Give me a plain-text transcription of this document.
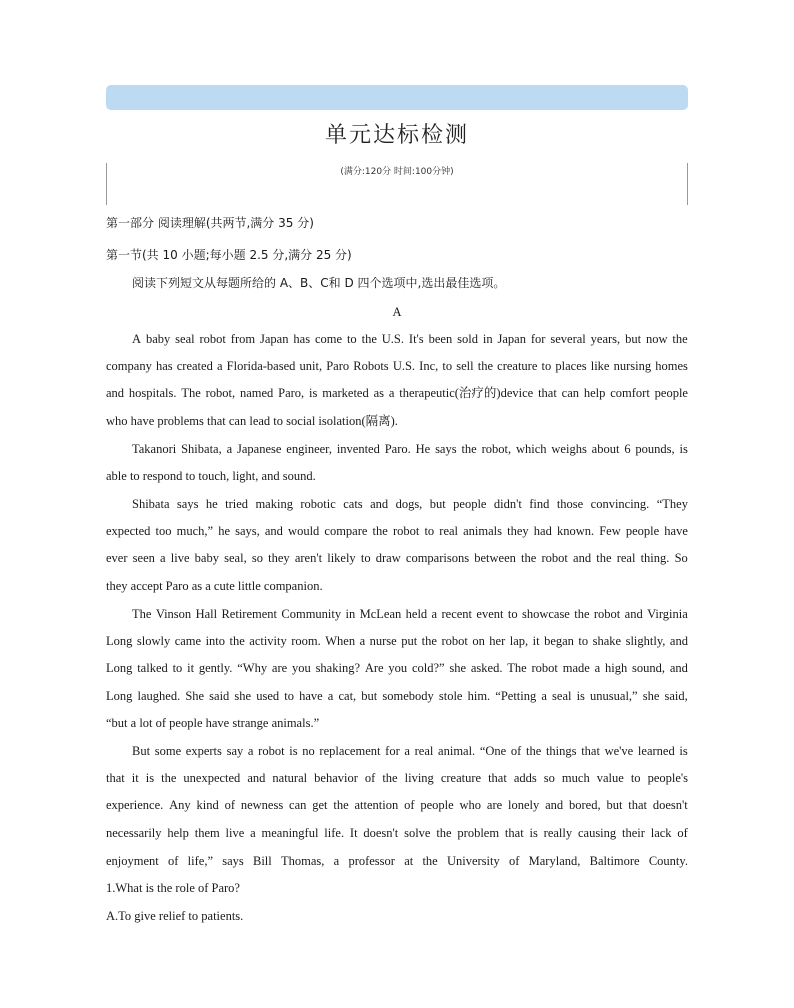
单元达标检测
(满分:120分 时间:100分钟)
第一部分 阅读理解(共两节,满分 35 分)
第一节(共 10 小题;每小题 2.5 分,满分 25 分)
阅读下列短文从每题所给的 A、B、C和 D 四个选项中,选出最佳选项。
A
A baby seal robot from Japan has come to the U.S. It's been sold in Japan for several years, but now the
company has created a Florida-based unit, Paro Robots U.S. Inc, to sell the creature to places like nursing homes
and hospitals. The robot, named Paro, is marketed as a therapeutic(治疗的)device that can help comfort people
who have problems that can lead to social isolation(隔离).
Takanori Shibata, a Japanese engineer, invented Paro. He says the robot, which weighs about 6 pounds, is
able to respond to touch, light, and sound.
Shibata says he tried making robotic cats and dogs, but people didn't find those convincing. “They
expected too much,” he says, and would compare the robot to real animals they had known. Few people have
ever seen a live baby seal, so they aren't likely to draw comparisons between the robot and the real thing. So
they accept Paro as a cute little companion.
The Vinson Hall Retirement Community in McLean held a recent event to showcase the robot and Virginia
Long slowly came into the activity room. When a nurse put the robot on her lap, it began to shake slightly, and
Long talked to it gently. “Why are you shaking? Are you cold?” she asked. The robot made a high sound, and
Long laughed. She said she used to have a cat, but somebody stole him. “Petting a seal is unusual,” she said,
“but a lot of people have strange animals.”
But some experts say a robot is no replacement for a real animal. “One of the things that we've learned is
that it is the unexpected and natural behavior of the living creature that adds so much value to people's
experience. Any kind of newness can get the attention of people who are lonely and bored, but that doesn't
necessarily help them live a meaningful life. It doesn't solve the problem that is really causing their lack of
enjoyment of life,” says Bill Thomas, a professor at the University of Maryland, Baltimore County.
1.What is the role of Paro?
A.To give relief to patients.
